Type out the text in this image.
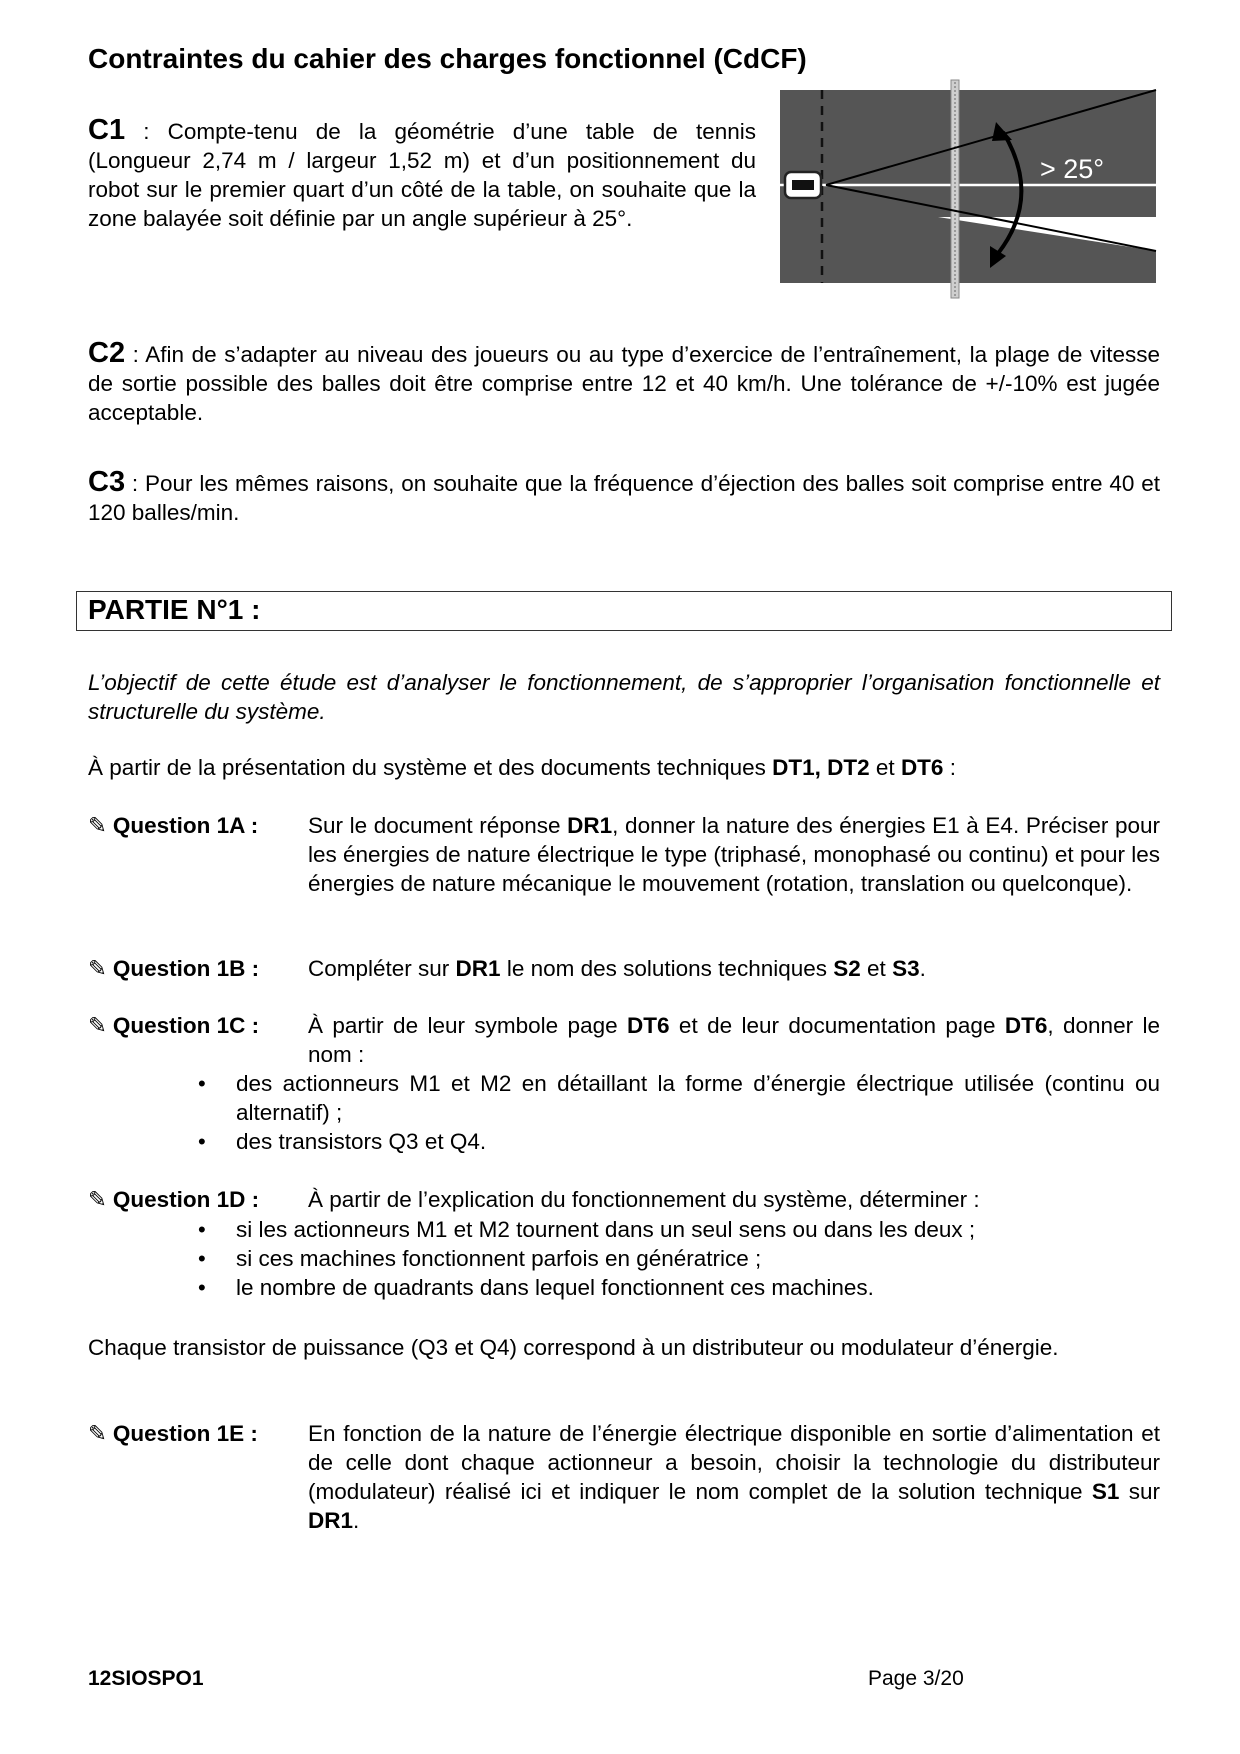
Contraintes du cahier des charges fonctionnel (CdCF)
C1 : Compte-tenu de la géométrie d’une table de tennis (Longueur 2,74 m / largeur 1,52 m) et d’un positionnement du robot sur le premier quart d’un côté de la table, on souhaite que la zone balayée soit définie par un angle supérieur à 25°.
> 25°
C2 : Afin de s’adapter au niveau des joueurs ou au type d’exercice de l’entraînement, la plage de vitesse de sortie possible des balles doit être comprise entre 12 et 40 km/h. Une tolérance de +/-10% est jugée acceptable.
C3 : Pour les mêmes raisons, on souhaite que la fréquence d’éjection des balles soit comprise entre 40 et 120 balles/min.
PARTIE N°1 :
L’objectif de cette étude est d’analyser le fonctionnement, de s’approprier l’organisation fonctionnelle et structurelle du système.
À partir de la présentation du système et des documents techniques DT1, DT2 et DT6 :
✎ Question 1A : Sur le document réponse DR1, donner la nature des énergies E1 à E4. Préciser pour les énergies de nature électrique le type (triphasé, monophasé ou continu) et pour les énergies de nature mécanique le mouvement (rotation, translation ou quelconque).
✎ Question 1B : Compléter sur DR1 le nom des solutions techniques S2 et S3.
✎ Question 1C : À partir de leur symbole page DT6 et de leur documentation page DT6, donner le nom :
• des actionneurs M1 et M2 en détaillant la forme d’énergie électrique utilisée (continu ou alternatif) ;
• des transistors Q3 et Q4.
✎ Question 1D : À partir de l’explication du fonctionnement du système, déterminer :
• si les actionneurs M1 et M2 tournent dans un seul sens ou dans les deux ;
• si ces machines fonctionnent parfois en génératrice ;
• le nombre de quadrants dans lequel fonctionnent ces machines.
Chaque transistor de puissance (Q3 et Q4) correspond à un distributeur ou modulateur d’énergie.
✎ Question 1E : En fonction de la nature de l’énergie électrique disponible en sortie d’alimentation et de celle dont chaque actionneur a besoin, choisir la technologie du distributeur (modulateur) réalisé ici et indiquer le nom complet de la solution technique S1 sur DR1.
12SIOSPO1	Page 3/20
